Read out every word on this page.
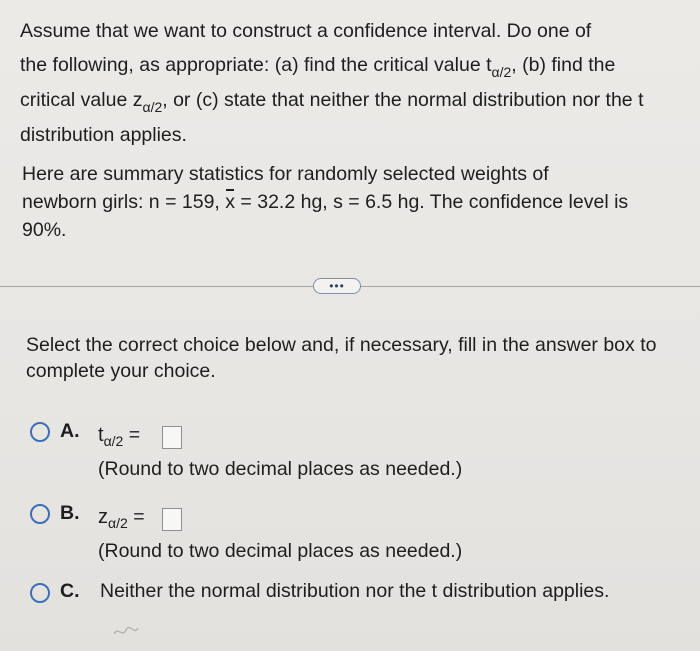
Assume that we want to construct a confidence interval. Do one of

the following, as appropriate: (a) find the critical value $t_{\alpha/2}$, (b) find the

critical value $z_{\alpha/2}$, or (c) state that neither the normal distribution nor the t

distribution applies.

Here are summary statistics for randomly selected weights of

newborn girls: n = 159, x = 32.2 hg, s = 6.5 hg. The confidence level is

90%.

•••

Select the correct choice below and, if necessary, fill in the answer box to

complete your choice.

A. $t_{\alpha/2}$ =
(Round to two decimal places as needed.)
B. $z_{\alpha/2}$ =
(Round to two decimal places as needed.)
C. Neither the normal distribution nor the t distribution applies.
